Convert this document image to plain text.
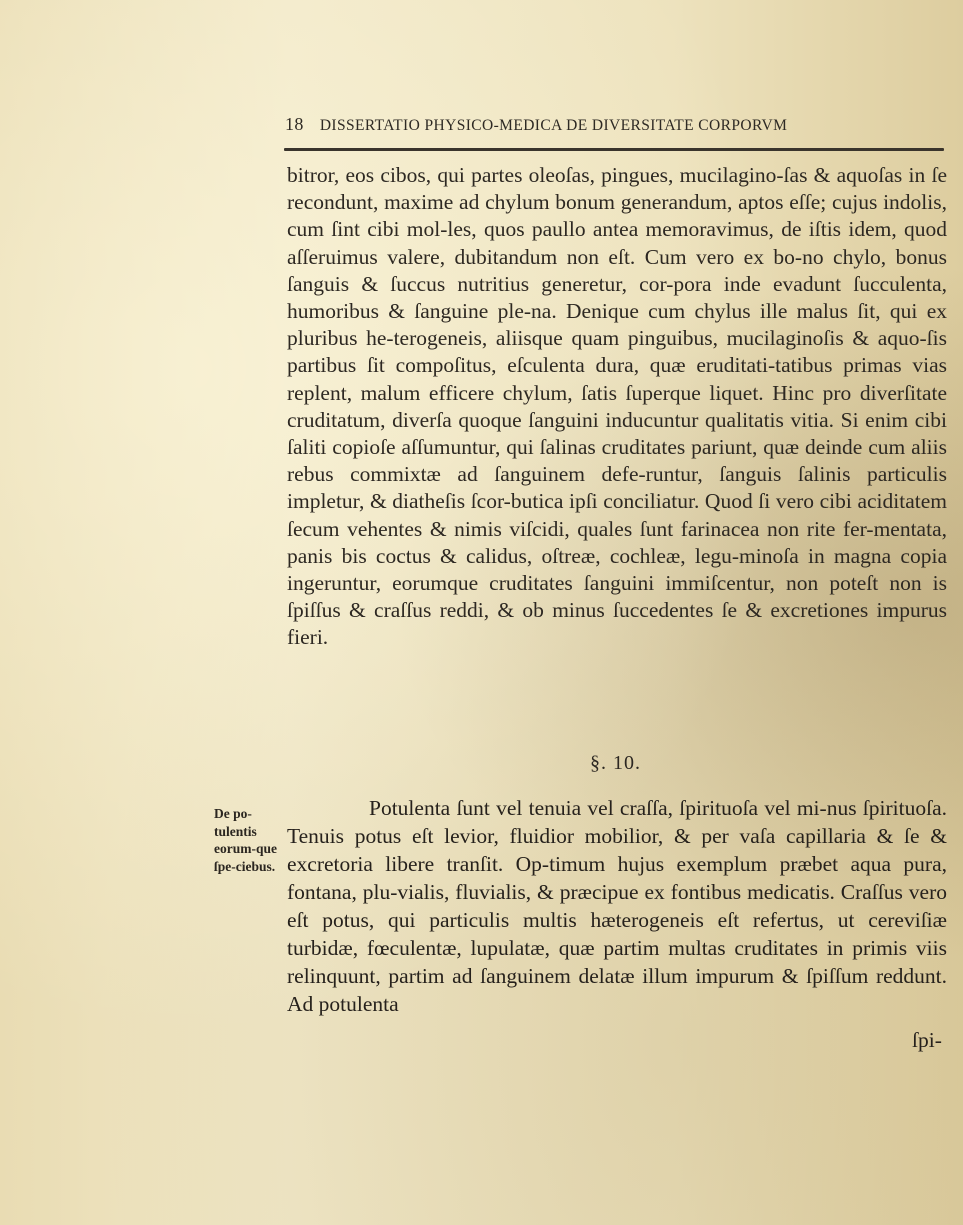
18 DISSERTATIO PHYSICO-MEDICA DE DIVERSITATE CORPORVM

bitror, eos cibos, qui partes oleoſas, pingues, mucilagino-ſas & aquoſas in ſe recondunt, maxime ad chylum bonum generandum, aptos eſſe; cujus indolis, cum ſint cibi mol-les, quos paullo antea memoravimus, de iſtis idem, quod aſſeruimus valere, dubitandum non eſt. Cum vero ex bo-no chylo, bonus ſanguis & ſuccus nutritius generetur, cor-pora inde evadunt ſucculenta, humoribus & ſanguine ple-na. Denique cum chylus ille malus ſit, qui ex pluribus he-terogeneis, aliisque quam pinguibus, mucilaginoſis & aquo-ſis partibus ſit compoſitus, eſculenta dura, quæ eruditati-tatibus primas vias replent, malum efficere chylum, ſatis ſuperque liquet. Hinc pro diverſitate cruditatum, diverſa quoque ſanguini inducuntur qualitatis vitia. Si enim cibi ſaliti copioſe aſſumuntur, qui ſalinas cruditates pariunt, quæ deinde cum aliis rebus commixtæ ad ſanguinem defe-runtur, ſanguis ſalinis particulis impletur, & diatheſis ſcor-butica ipſi conciliatur. Quod ſi vero cibi aciditatem ſecum vehentes & nimis viſcidi, quales ſunt farinacea non rite fer-mentata, panis bis coctus & calidus, oſtreæ, cochleæ, legu-minoſa in magna copia ingeruntur, eorumque cruditates ſanguini immiſcentur, non poteſt non is ſpiſſus & craſſus reddi, & ob minus ſuccedentes ſe & excretiones impurus fieri.

§. 10.

De po-tulentis eorum-que ſpe-ciebus.

Potulenta ſunt vel tenuia vel craſſa, ſpirituoſa vel mi-nus ſpirituoſa. Tenuis potus eſt levior, fluidior mobilior, & per vaſa capillaria & ſe & excretoria libere tranſit. Op-timum hujus exemplum præbet aqua pura, fontana, plu-vialis, fluvialis, & præcipue ex fontibus medicatis. Craſſus vero eſt potus, qui particulis multis hæterogeneis eſt refertus, ut cereviſiæ turbidæ, fœculentæ, lupulatæ, quæ partim multas cruditates in primis viis relinquunt, partim ad ſanguinem delatæ illum impurum & ſpiſſum reddunt. Ad potulenta

ſpi-
